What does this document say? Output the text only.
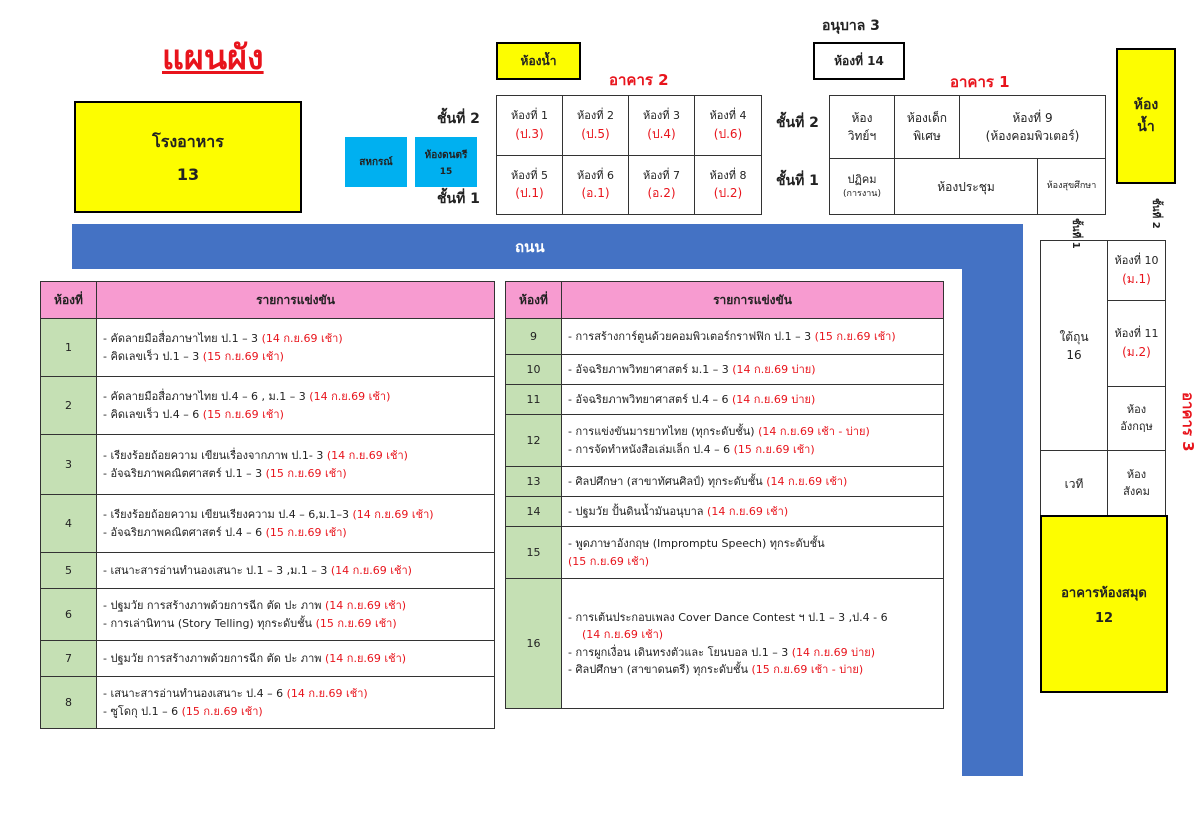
แผนผัง
โรงอาหาร
13
สหกรณ์
ห้องดนตรี
15
ห้องน้ำ
อาคาร 2
ชั้นที่ 2
ชั้นที่ 1
ห้องที่ 1
(ป.3)
ห้องที่ 2
(ป.5)
ห้องที่ 3
(ป.4)
ห้องที่ 4
(ป.6)
ห้องที่ 5
(ป.1)
ห้องที่ 6
(อ.1)
ห้องที่ 7
(อ.2)
ห้องที่ 8
(ป.2)
อนุบาล 3
ห้องที่ 14
อาคาร 1
ชั้นที่ 2
ชั้นที่ 1
ห้อง
วิทย์ฯ
ห้องเด็ก
พิเศษ
ห้องที่ 9
(ห้องคอมพิวเตอร์)
ปฏิคม
(การงาน)
ห้องประชุม	ห้องสุขศึกษา
ห้อง
น้ำ
ถนน	ชั้นที่ 1
ชั้นที่ 2
ใต้ถุน
16
เวที
ห้องที่ 10
(ม.1)
ห้องที่ 11
(ม.2)
ห้อง
อังกฤษ
ห้อง
สังคม
อาคาร 3
อาคารห้องสมุด
12
ห้องที่	รายการแข่งขัน
1	- คัดลายมือสื่อภาษาไทย ป.1 – 3 (14 ก.ย.69 เช้า)
- คิดเลขเร็ว ป.1 – 3 (15 ก.ย.69 เช้า)

2	- คัดลายมือสื่อภาษาไทย ป.4 – 6 , ม.1 – 3 (14 ก.ย.69 เช้า)
- คิดเลขเร็ว ป.4 – 6 (15 ก.ย.69 เช้า)

3	- เรียงร้อยถ้อยความ เขียนเรื่องจากภาพ ป.1- 3 (14 ก.ย.69 เช้า)
- อัจฉริยภาพคณิตศาสตร์ ป.1 – 3 (15 ก.ย.69 เช้า)

4	- เรียงร้อยถ้อยความ เขียนเรียงความ ป.4 – 6,ม.1–3 (14 ก.ย.69 เช้า)
- อัจฉริยภาพคณิตศาสตร์ ป.4 – 6 (15 ก.ย.69 เช้า)

5	- เสนาะสารอ่านทำนองเสนาะ ป.1 – 3 ,ม.1 – 3 (14 ก.ย.69 เช้า)

6	- ปฐมวัย การสร้างภาพด้วยการฉีก ตัด ปะ ภาพ (14 ก.ย.69 เช้า)
- การเล่านิทาน (Story Telling) ทุกระดับชั้น (15 ก.ย.69 เช้า)

7	- ปฐมวัย การสร้างภาพด้วยการฉีก ตัด ปะ ภาพ (14 ก.ย.69 เช้า)

8	- เสนาะสารอ่านทำนองเสนาะ ป.4 – 6 (14 ก.ย.69 เช้า)
- ซูโดกุ ป.1 – 6 (15 ก.ย.69 เช้า)
ห้องที่	รายการแข่งขัน
9	- การสร้างการ์ตูนด้วยคอมพิวเตอร์กราฟฟิก ป.1 – 3 (15 ก.ย.69 เช้า)

10	- อัจฉริยภาพวิทยาศาสตร์ ม.1 – 3 (14 ก.ย.69 บ่าย)

11	- อัจฉริยภาพวิทยาศาสตร์ ป.4 – 6 (14 ก.ย.69 บ่าย)

12	- การแข่งขันมารยาทไทย (ทุกระดับชั้น) (14 ก.ย.69 เช้า - บ่าย)
- การจัดทำหนังสือเล่มเล็ก ป.4 – 6 (15 ก.ย.69 เช้า)

13	- ศิลปศึกษา (สาขาทัศนศิลป์) ทุกระดับชั้น (14 ก.ย.69 เช้า)

14	- ปฐมวัย ปั้นดินน้ำมันอนุบาล (14 ก.ย.69 เช้า)

15	- พูดภาษาอังกฤษ (Impromptu Speech) ทุกระดับชั้น
(15 ก.ย.69 เช้า)

16	- การเต้นประกอบเพลง Cover Dance Contest ฯ ป.1 – 3 ,ป.4 - 6
(14 ก.ย.69 เช้า)
- การผูกเงื่อน เดินทรงตัวและ โยนบอล ป.1 – 3 (14 ก.ย.69 บ่าย)
- ศิลปศึกษา (สาขาดนตรี) ทุกระดับชั้น (15 ก.ย.69 เช้า - บ่าย)
